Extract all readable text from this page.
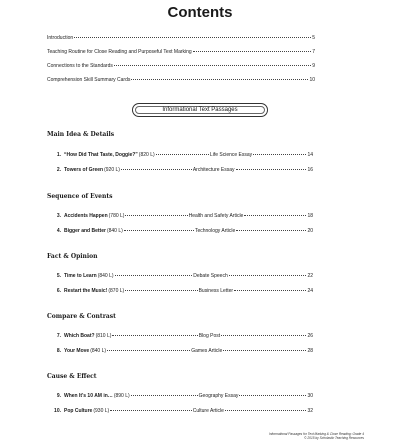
Contents
Introduction	5
Teaching Routine for Close Reading and Purposeful Text Marking	7
Connections to the Standards	9
Comprehension Skill Summary Cards	10
Informational Text Passages
Main Idea & Details
1. “How Did That Taste, Doggie?” (820 L)	Life Science Essay	14
2. Towers of Green (920 L)	Architecture Essay	16
Sequence of Events
3. Accidents Happen (780 L)	Health and Safety Article	18
4. Bigger and Better (840 L)	Technology Article	20
Fact & Opinion
5. Time to Learn (840 L)	Debate Speech	22
6. Restart the Music! (870 L)	Business Letter	24
Compare & Contrast
7. Which Boat? (810 L)	Blog Post	26
8. Your Move (840 L)	Games Article	28
Cause & Effect
9. When It’s 10 AM in… (890 L)	Geography Essay	30
10. Pop Culture (930 L)	Culture Article	32
Informational Passages for Text Marking & Close Reading: Grade 4
© 2015 by Scholastic Teaching Resources
